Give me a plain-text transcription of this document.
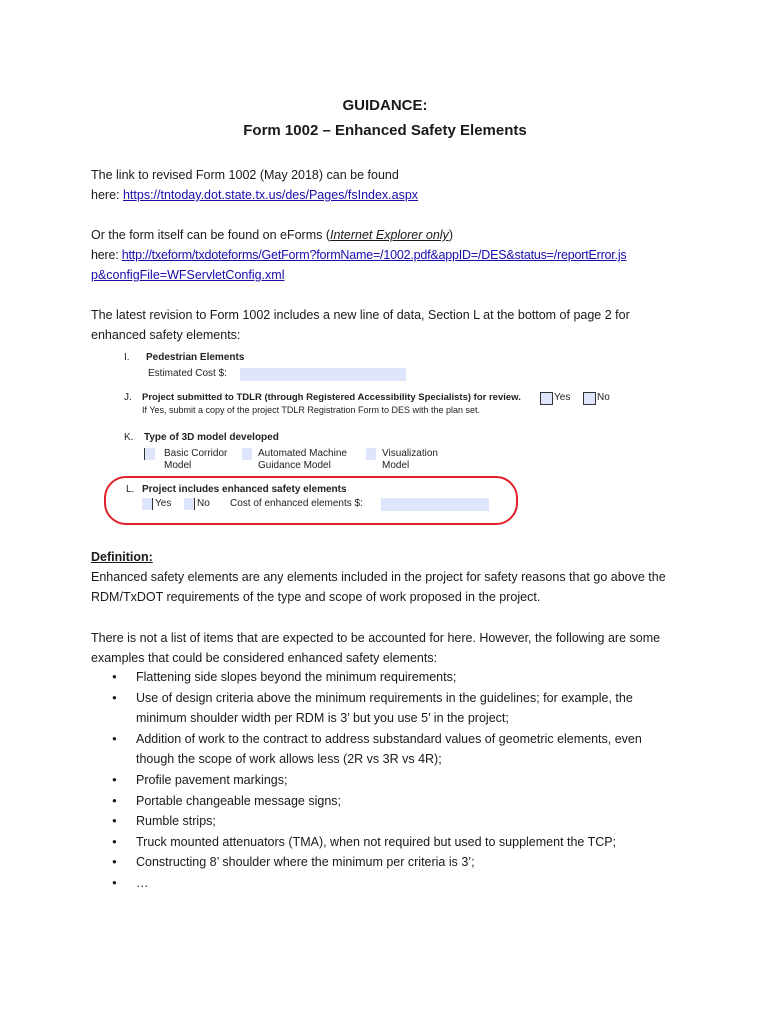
GUIDANCE:
Form 1002 – Enhanced Safety Elements
The link to revised Form 1002 (May 2018) can be found
here: https://tntoday.dot.state.tx.us/des/Pages/fsIndex.aspx
Or the form itself can be found on eForms (Internet Explorer only)
here: http://txeform/txdoteforms/GetForm?formName=/1002.pdf&appID=/DES&status=/reportError.js
p&configFile=WFServletConfig.xml
The latest revision to Form 1002 includes a new line of data, Section L at the bottom of page 2 for
enhanced safety elements:
I. Pedestrian Elements
Estimated Cost $:
J. Project submitted to TDLR (through Registered Accessibility Specialists) for review.	Yes	No
If Yes, submit a copy of the project TDLR Registration Form to DES with the plan set.
K. Type of 3D model developed
Basic Corridor
Model
Automated Machine
Guidance Model
Visualization
Model
L. Project includes enhanced safety elements
Yes	No Cost of enhanced elements $:
Definition:
Enhanced safety elements are any elements included in the project for safety reasons that go above the
RDM/TxDOT requirements of the type and scope of work proposed in the project.
There is not a list of items that are expected to be accounted for here. However, the following are some
examples that could be considered enhanced safety elements:
● Flattening side slopes beyond the minimum requirements;
● Use of design criteria above the minimum requirements in the guidelines; for example, the minimum shoulder width per RDM is 3’ but you use 5’ in the project;
● Addition of work to the contract to address substandard values of geometric elements, even though the scope of work allows less (2R vs 3R vs 4R);
● Profile pavement markings;
● Portable changeable message signs;
● Rumble strips;
● Truck mounted attenuators (TMA), when not required but used to supplement the TCP;
● Constructing 8’ shoulder where the minimum per criteria is 3’;
● …
